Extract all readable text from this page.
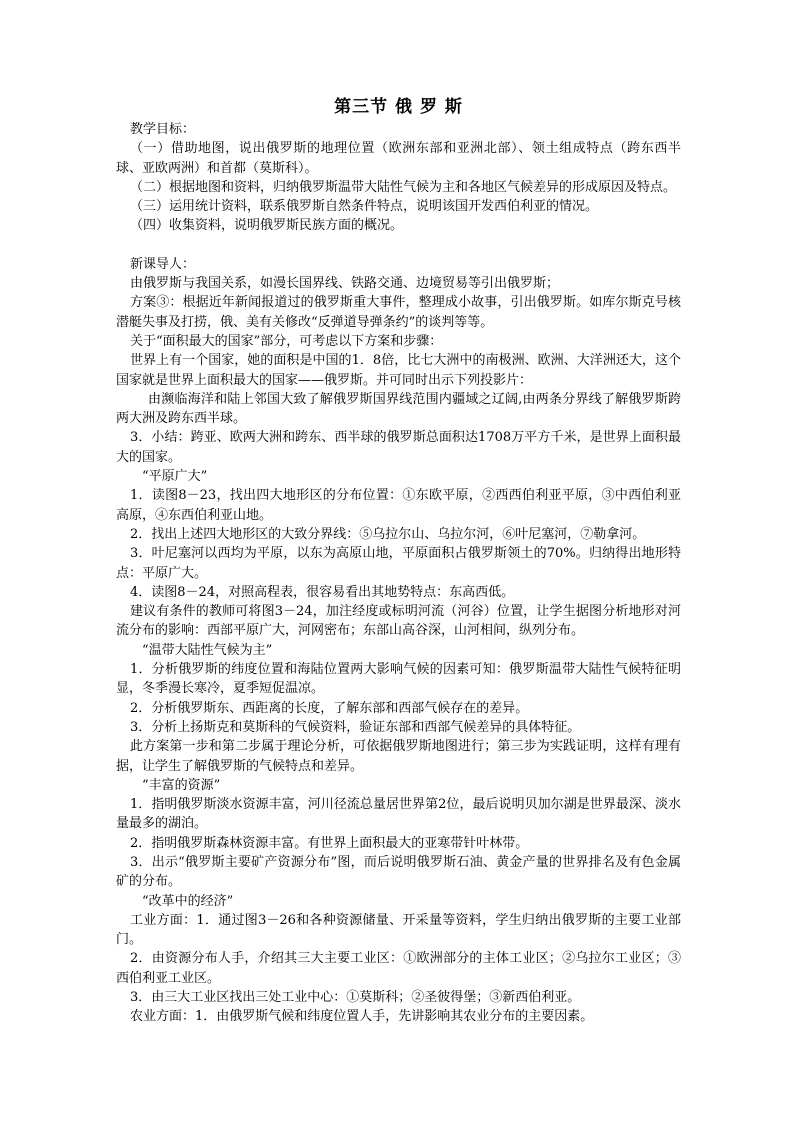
第三节 俄 罗 斯

教学目标：

（一）借助地图，说出俄罗斯的地理位置（欧洲东部和亚洲北部）、领土组成特点（跨东西半球、亚欧两洲）和首都（莫斯科）。

（二）根据地图和资料，归纳俄罗斯温带大陆性气候为主和各地区气候差异的形成原因及特点。

（三）运用统计资料，联系俄罗斯自然条件特点，说明该国开发西伯利亚的情况。

（四）收集资料，说明俄罗斯民族方面的概况。

新课导人：

由俄罗斯与我国关系，如漫长国界线、铁路交通、边境贸易等引出俄罗斯；

方案③：根据近年新闻报道过的俄罗斯重大事件，整理成小故事，引出俄罗斯。如库尔斯克号核潜艇失事及打捞，俄、美有关修改“反弹道导弹条约”的谈判等等。

关于“面积最大的国家”部分，可考虑以下方案和步骤：

世界上有一个国家，她的面积是中国的1．8倍，比七大洲中的南极洲、欧洲、大洋洲还大，这个国家就是世界上面积最大的国家——俄罗斯。并可同时出示下列投影片：

由濒临海洋和陆上邻国大致了解俄罗斯国界线范围内疆域之辽阔,由两条分界线了解俄罗斯跨两大洲及跨东西半球。

3．小结：跨亚、欧两大洲和跨东、西半球的俄罗斯总面积达1708万平方千米，是世界上面积最大的国家。

“平原广大”

1．读图8－23，找出四大地形区的分布位置：①东欧平原，②西西伯利亚平原，③中西伯利亚高原，④东西伯利亚山地。

2．找出上述四大地形区的大致分界线：⑤乌拉尔山、乌拉尔河，⑥叶尼塞河，⑦勒拿河。

3．叶尼塞河以西均为平原，以东为高原山地，平原面积占俄罗斯领土的70%。归纳得出地形特点：平原广大。

4．读图8－24，对照高程表，很容易看出其地势特点：东高西低。

建议有条件的教师可将图3－24，加注经度或标明河流（河谷）位置，让学生据图分析地形对河流分布的影响：西部平原广大，河网密布；东部山高谷深，山河相间，纵列分布。

“温带大陆性气候为主”

1．分析俄罗斯的纬度位置和海陆位置两大影响气候的因素可知：俄罗斯温带大陆性气候特征明显，冬季漫长寒冷，夏季短促温凉。

2．分析俄罗斯东、西距离的长度，了解东部和西部气候存在的差异。

3．分析上扬斯克和莫斯科的气候资料，验证东部和西部气候差异的具体特征。

此方案第一步和第二步属于理论分析，可依据俄罗斯地图进行；第三步为实践证明，这样有理有据，让学生了解俄罗斯的气候特点和差异。

“丰富的资源”

1．指明俄罗斯淡水资源丰富，河川径流总量居世界第2位，最后说明贝加尔湖是世界最深、淡水量最多的湖泊。

2．指明俄罗斯森林资源丰富。有世界上面积最大的亚寒带针叶林带。

3．出示“俄罗斯主要矿产资源分布”图，而后说明俄罗斯石油、黄金产量的世界排名及有色金属矿的分布。

“改革中的经济”

工业方面：1．通过图3－26和各种资源储量、开采量等资料，学生归纳出俄罗斯的主要工业部门。

2．由资源分布人手，介绍其三大主要工业区：①欧洲部分的主体工业区；②乌拉尔工业区；③西伯利亚工业区。

3．由三大工业区找出三处工业中心：①莫斯科；②圣彼得堡；③新西伯利亚。

农业方面：1．由俄罗斯气候和纬度位置人手，先讲影响其农业分布的主要因素。
